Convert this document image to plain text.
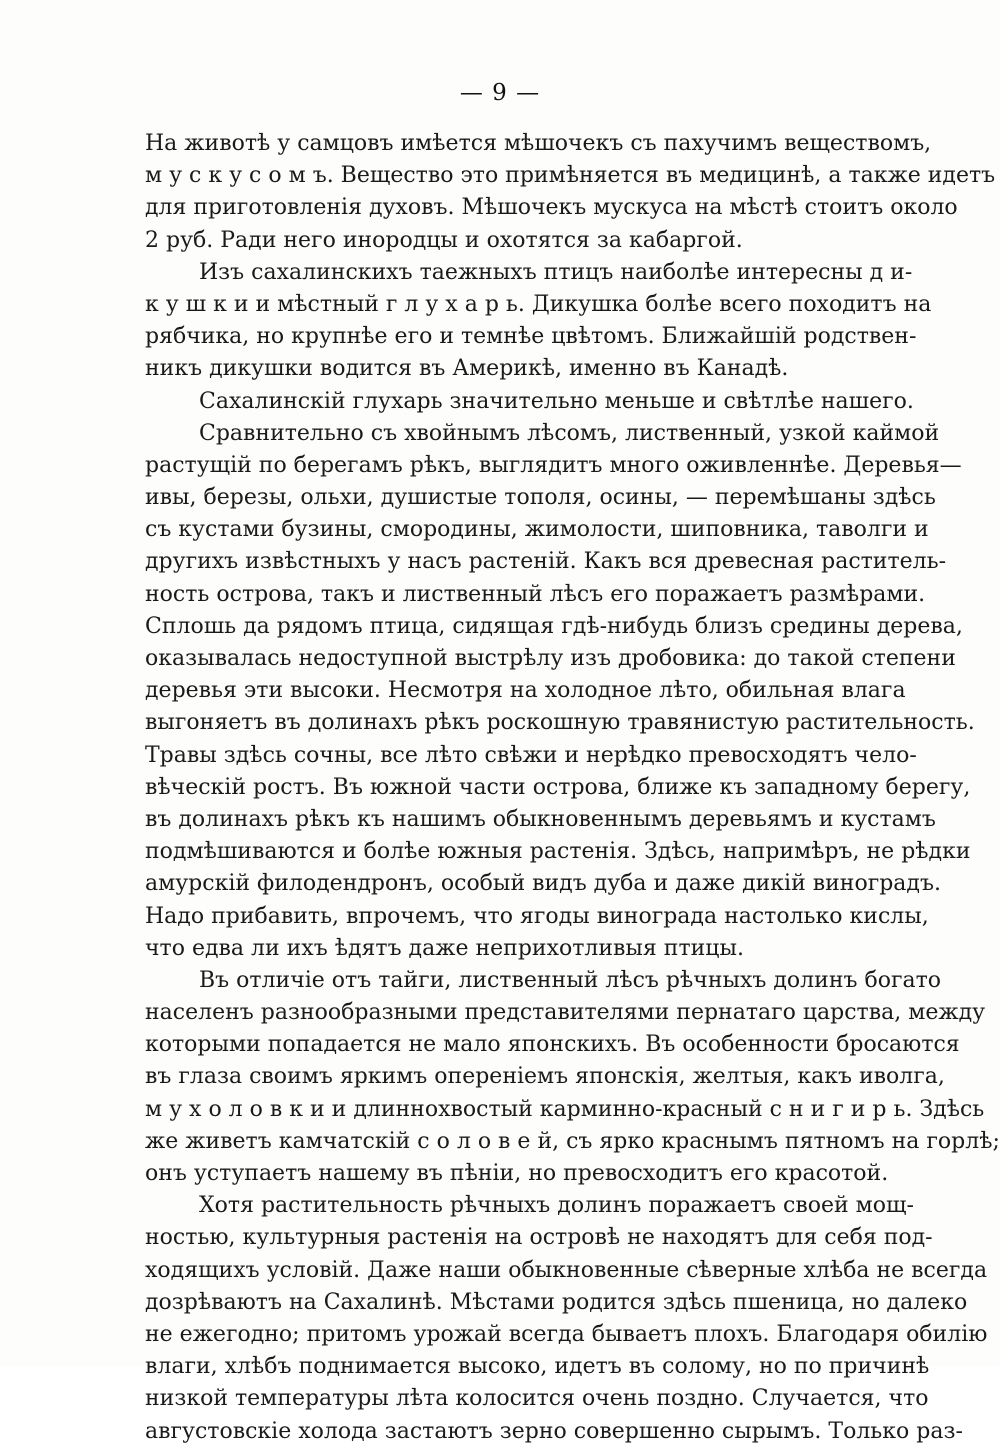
— 9 —
На животѣ у самцовъ имѣется мѣшочекъ съ пахучимъ веществомъ,
м у с к у с о м ъ. Вещество это примѣняется въ медицинѣ, а также идетъ
для приготовленія духовъ. Мѣшочекъ мускуса на мѣстѣ стоитъ около
2 руб. Ради него инородцы и охотятся за кабаргой.
Изъ сахалинскихъ таежныхъ птицъ наиболѣе интересны д и-
к у ш к и и мѣстный г л у х а р ь. Дикушка болѣе всего походитъ на
рябчика, но крупнѣе его и темнѣе цвѣтомъ. Ближайшій родствен-
никъ дикушки водится въ Америкѣ, именно въ Канадѣ.
Сахалинскій глухарь значительно меньше и свѣтлѣе нашего.
Сравнительно съ хвойнымъ лѣсомъ, лиственный, узкой каймой
растущій по берегамъ рѣкъ, выглядитъ много оживленнѣе. Деревья—
ивы, березы, ольхи, душистые тополя, осины, — перемѣшаны здѣсь
съ кустами бузины, смородины, жимолости, шиповника, таволги и
другихъ извѣстныхъ у насъ растеній. Какъ вся древесная раститель-
ность острова, такъ и лиственный лѣсъ его поражаетъ размѣрами.
Сплошь да рядомъ птица, сидящая гдѣ-нибудь близъ средины дерева,
оказывалась недоступной выстрѣлу изъ дробовика: до такой степени
деревья эти высоки. Несмотря на холодное лѣто, обильная влага
выгоняетъ въ долинахъ рѣкъ роскошную травянистую растительность.
Травы здѣсь сочны, все лѣто свѣжи и нерѣдко превосходятъ чело-
вѣческій ростъ. Въ южной части острова, ближе къ западному берегу,
въ долинахъ рѣкъ къ нашимъ обыкновеннымъ деревьямъ и кустамъ
подмѣшиваются и болѣе южныя растенія. Здѣсь, напримѣръ, не рѣдки
амурскій филодендронъ, особый видъ дуба и даже дикій виноградъ.
Надо прибавить, впрочемъ, что ягоды винограда настолько кислы,
что едва ли ихъ ѣдятъ даже неприхотливыя птицы.
Въ отличіе отъ тайги, лиственный лѣсъ рѣчныхъ долинъ богато
населенъ разнообразными представителями пернатаго царства, между
которыми попадается не мало японскихъ. Въ особенности бросаются
въ глаза своимъ яркимъ опереніемъ японскія, желтыя, какъ иволга,
м у х о л о в к и и длиннохвостый карминно-красный с н и г и р ь. Здѣсь
же живетъ камчатскій с о л о в е й, съ ярко краснымъ пятномъ на горлѣ;
онъ уступаетъ нашему въ пѣніи, но превосходитъ его красотой.
Хотя растительность рѣчныхъ долинъ поражаетъ своей мощ-
ностью, культурныя растенія на островѣ не находятъ для себя под-
ходящихъ условій. Даже наши обыкновенные сѣверные хлѣба не всегда
дозрѣваютъ на Сахалинѣ. Мѣстами родится здѣсь пшеница, но далеко
не ежегодно; притомъ урожай всегда бываетъ плохъ. Благодаря обилію
влаги, хлѣбъ поднимается высоко, идетъ въ солому, но по причинѣ
низкой температуры лѣта колосится очень поздно. Случается, что
августовскіе холода застаютъ зерно совершенно сырымъ. Только раз-
